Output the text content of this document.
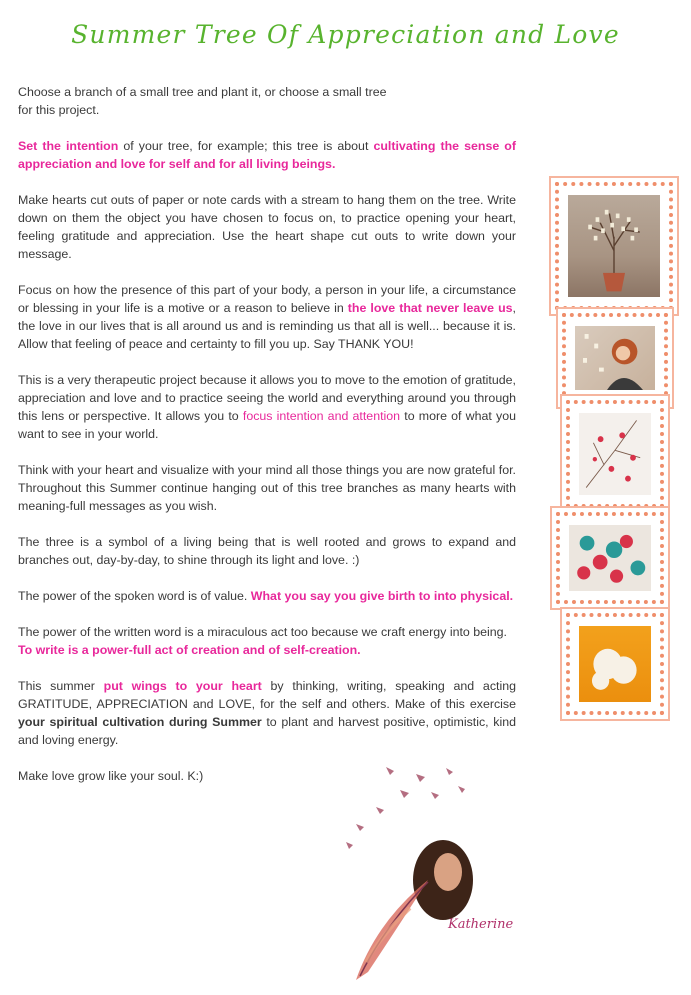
Summer Tree Of Appreciation and Love

Choose a branch of a small tree and plant it, or choose a small tree
for this project.

Set the intention of your tree, for example; this tree is about cultivating the sense of appreciation and love for self and for all living beings.

Make hearts cut outs of paper or note cards with a stream to hang them on the tree. Write down on them the object you have chosen to focus on, to practice opening your heart, feeling gratitude and appreciation. Use the heart shape cut outs to write down your message.

Focus on how the presence of this part of your body, a person in your life, a circumstance or blessing in your life is a motive or a reason to believe in the love that never leave us, the love in our lives that is all around us and is reminding us that all is well... because it is. Allow that feeling of peace and certainty to fill you up. Say THANK YOU!

This is a very therapeutic project because it allows you to move to the emotion of gratitude, appreciation and love and to practice seeing the world and everything around you through this lens or perspective. It allows you to focus intention and attention to more of what you want to see in your world.

Think with your heart and visualize with your mind all those things you are now grateful for. Throughout this Summer continue hanging out of this tree branches as many hearts with meaning-full messages as you wish.

The three is a symbol of a living being that is well rooted and grows to expand and branches out, day-by-day, to shine through its light and love. :)

The power of the spoken word is of value. What you say you give birth to into physical.

The power of the written word is a miraculous act too because we craft energy into being. To write is a power-full act of creation and of self-creation.

This summer put wings to your heart by thinking, writing, speaking and acting GRATITUDE, APPRECIATION and LOVE, for the self and others. Make of this exercise your spiritual cultivation during Summer to plant and harvest positive, optimistic, kind and loving energy.

Make love grow like your soul. K:)

Katherine
